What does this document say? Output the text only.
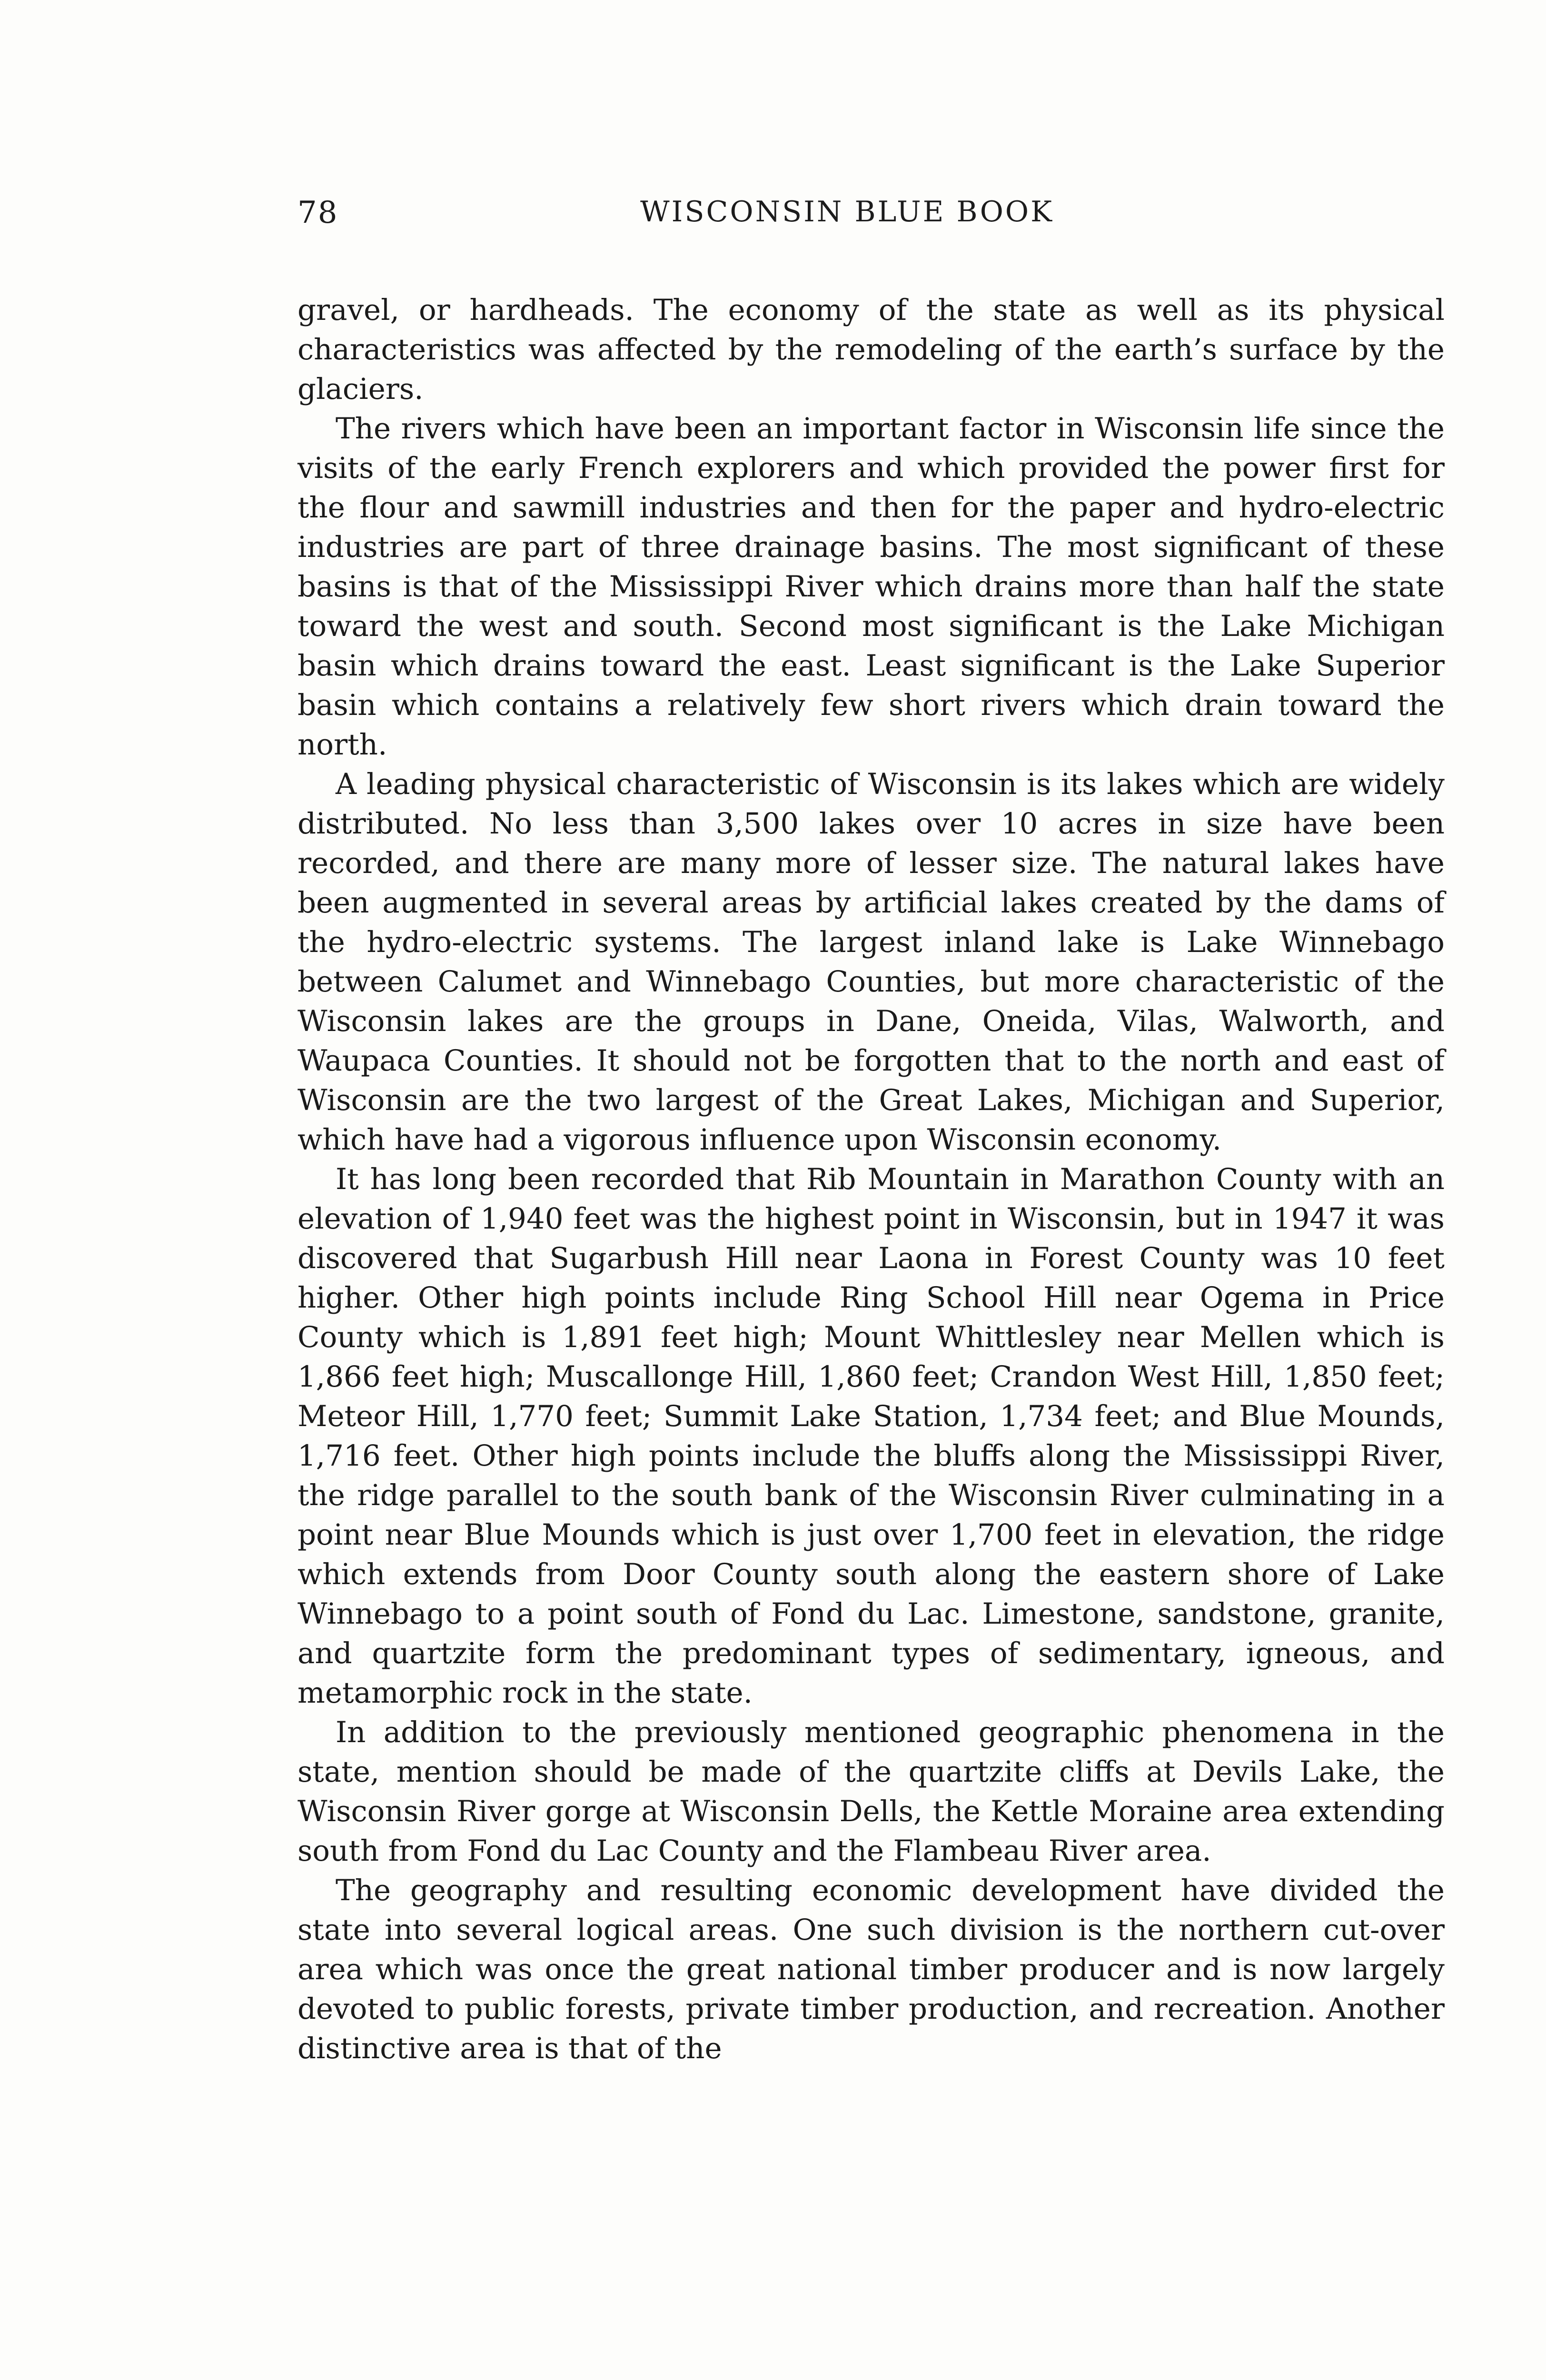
78	WISCONSIN BLUE BOOK

gravel, or hardheads. The economy of the state as well as its physical characteristics was affected by the remodeling of the earth’s surface by the glaciers.

The rivers which have been an important factor in Wisconsin life since the visits of the early French explorers and which provided the power first for the flour and sawmill industries and then for the paper and hydro-electric industries are part of three drainage basins. The most significant of these basins is that of the Mississippi River which drains more than half the state toward the west and south. Second most significant is the Lake Michigan basin which drains toward the east. Least significant is the Lake Superior basin which contains a relatively few short rivers which drain toward the north.

A leading physical characteristic of Wisconsin is its lakes which are widely distributed. No less than 3,500 lakes over 10 acres in size have been recorded, and there are many more of lesser size. The natural lakes have been augmented in several areas by artificial lakes created by the dams of the hydro-electric systems. The largest inland lake is Lake Winnebago between Calumet and Winnebago Counties, but more characteristic of the Wisconsin lakes are the groups in Dane, Oneida, Vilas, Walworth, and Waupaca Counties. It should not be forgotten that to the north and east of Wisconsin are the two largest of the Great Lakes, Michigan and Superior, which have had a vigorous influence upon Wisconsin economy.

It has long been recorded that Rib Mountain in Marathon County with an elevation of 1,940 feet was the highest point in Wisconsin, but in 1947 it was discovered that Sugarbush Hill near Laona in Forest County was 10 feet higher. Other high points include Ring School Hill near Ogema in Price County which is 1,891 feet high; Mount Whittlesley near Mellen which is 1,866 feet high; Muscallonge Hill, 1,860 feet; Crandon West Hill, 1,850 feet; Meteor Hill, 1,770 feet; Summit Lake Station, 1,734 feet; and Blue Mounds, 1,716 feet. Other high points include the bluffs along the Mississippi River, the ridge parallel to the south bank of the Wisconsin River culminating in a point near Blue Mounds which is just over 1,700 feet in elevation, the ridge which extends from Door County south along the eastern shore of Lake Winnebago to a point south of Fond du Lac. Limestone, sandstone, granite, and quartzite form the predominant types of sedimentary, igneous, and metamorphic rock in the state.

In addition to the previously mentioned geographic phenomena in the state, mention should be made of the quartzite cliffs at Devils Lake, the Wisconsin River gorge at Wisconsin Dells, the Kettle Moraine area extending south from Fond du Lac County and the Flambeau River area.

The geography and resulting economic development have divided the state into several logical areas. One such division is the northern cut-over area which was once the great national timber producer and is now largely devoted to public forests, private timber production, and recreation. Another distinctive area is that of the
